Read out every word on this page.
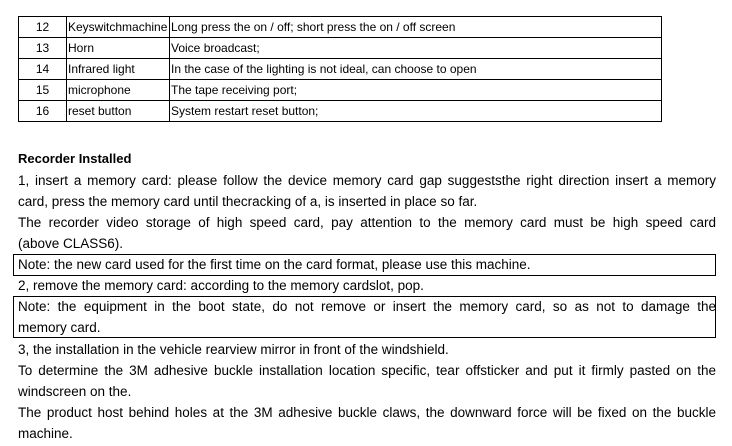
12	Keyswitchmachine	Long press the on / off; short press the on / off screen
13	Horn	Voice broadcast;
14	Infrared light	In the case of the lighting is not ideal, can choose to open
15	microphone	The tape receiving port;
16	reset button	System restart reset button;
Recorder Installed
1, insert a memory card: please follow the device memory card gap suggeststhe right direction insert a memory
card, press the memory card until thecracking of a, is inserted in place so far.
The recorder video storage of high speed card, pay attention to the memory card must be high speed card
(above CLASS6).
Note: the new card used for the first time on the card format, please use this machine.
2, remove the memory card: according to the memory cardslot, pop.
Note: the equipment in the boot state, do not remove or insert the memory card, so as not to damage the
memory card.
3, the installation in the vehicle rearview mirror in front of the windshield.
To determine the 3M adhesive buckle installation location specific, tear offsticker and put it firmly pasted on the
windscreen on the.
The product host behind holes at the 3M adhesive buckle claws, the downward force will be fixed on the buckle
machine.
